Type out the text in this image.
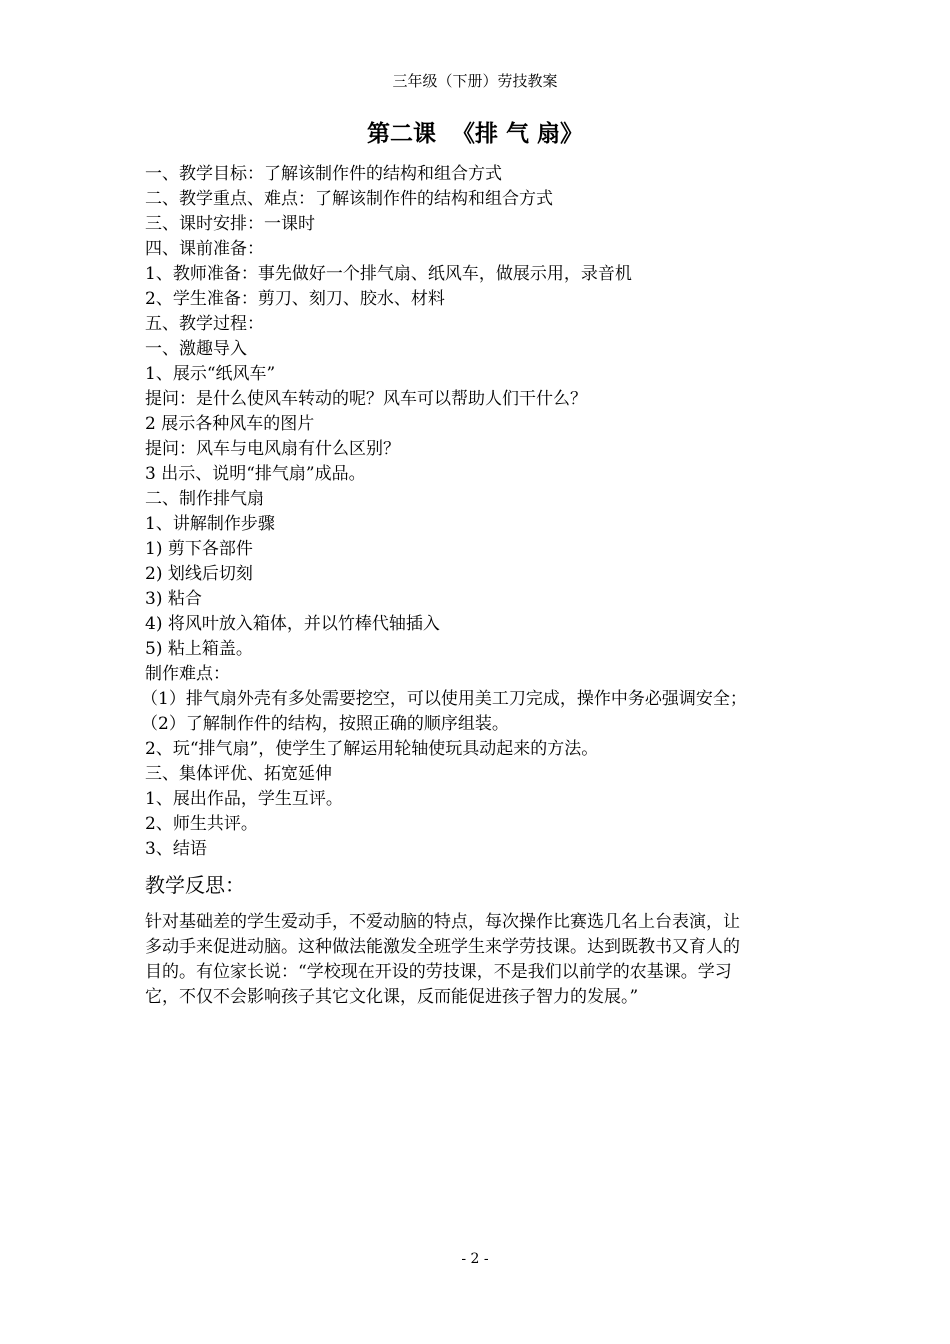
三年级（下册）劳技教案
第二课  《排 气 扇》
一、教学目标：了解该制作件的结构和组合方式
二、教学重点、难点：了解该制作件的结构和组合方式
三、课时安排：一课时
四、课前准备：
1、教师准备：事先做好一个排气扇、纸风车，做展示用，录音机
2、学生准备：剪刀、刻刀、胶水、材料
五、教学过程：
一、激趣导入
1、展示“纸风车”
提问：是什么使风车转动的呢？风车可以帮助人们干什么？
2 展示各种风车的图片
提问：风车与电风扇有什么区别？
3 出示、说明“排气扇”成品。
二、制作排气扇
1、讲解制作步骤
1) 剪下各部件
2) 划线后切刻
3) 粘合
4) 将风叶放入箱体，并以竹棒代轴插入
5) 粘上箱盖。
制作难点：
（1）排气扇外壳有多处需要挖空，可以使用美工刀完成，操作中务必强调安全；
（2）了解制作件的结构，按照正确的顺序组装。
2、玩“排气扇”，使学生了解运用轮轴使玩具动起来的方法。
三、集体评优、拓宽延伸
1、展出作品，学生互评。
2、师生共评。
3、结语
教学反思：
针对基础差的学生爱动手，不爱动脑的特点，每次操作比赛选几名上台表演，让
多动手来促进动脑。这种做法能激发全班学生来学劳技课。达到既教书又育人的
目的。有位家长说：“学校现在开设的劳技课，不是我们以前学的农基课。学习
它，不仅不会影响孩子其它文化课，反而能促进孩子智力的发展。”
- 2 -
